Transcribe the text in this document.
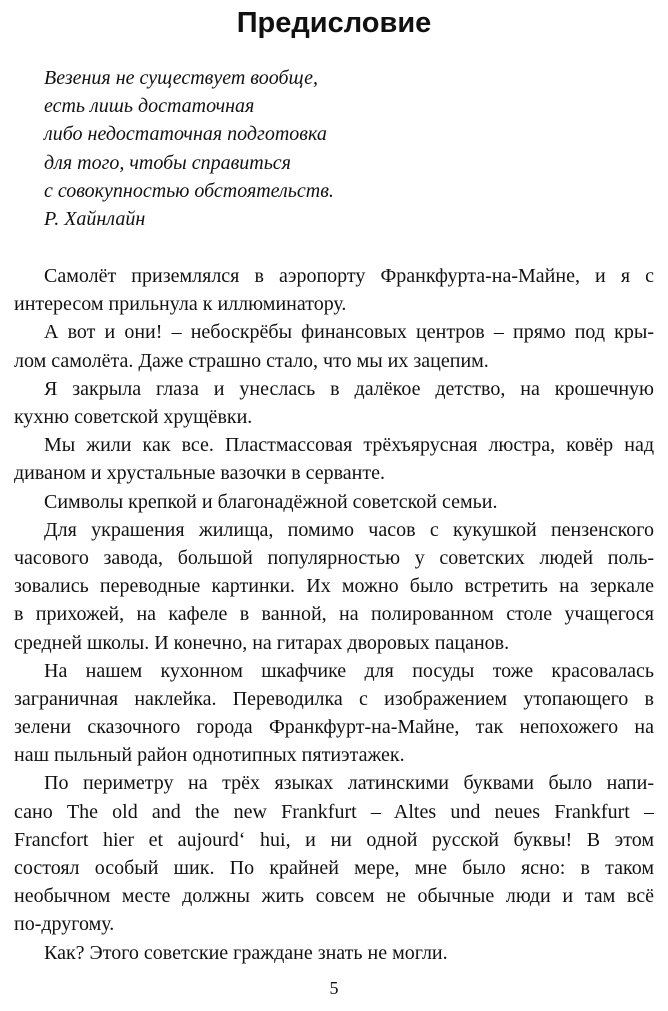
Предисловие
Везения не существует вообще,
есть лишь достаточная
либо недостаточная подготовка
для того, чтобы справиться
с совокупностью обстоятельств.
Р. Хайнлайн
Самолёт приземлялся в аэропорту Франкфурта-на-Майне, и я с
интересом прильнула к иллюминатору.
А вот и они! – небоскрёбы финансовых центров – прямо под кры-
лом самолёта. Даже страшно стало, что мы их зацепим.
Я закрыла глаза и унеслась в далёкое детство, на крошечную
кухню советской хрущёвки.
Мы жили как все. Пластмассовая трёхъярусная люстра, ковёр над
диваном и хрустальные вазочки в серванте.
Символы крепкой и благонадёжной советской семьи.
Для украшения жилища, помимо часов с кукушкой пензенского
часового завода, большой популярностью у советских людей поль-
зовались переводные картинки. Их можно было встретить на зеркале
в прихожей, на кафеле в ванной, на полированном столе учащегося
средней школы. И конечно, на гитарах дворовых пацанов.
На нашем кухонном шкафчике для посуды тоже красовалась
заграничная наклейка. Переводилка с изображением утопающего в
зелени сказочного города Франкфурт-на-Майне, так непохожего на
наш пыльный район однотипных пятиэтажек.
По периметру на трёх языках латинскими буквами было напи-
сано The old and the new Frankfurt – Altes und neues Frankfurt –
Francfort hier et aujourd‘ hui, и ни одной русской буквы! В этом
состоял особый шик. По крайней мере, мне было ясно: в таком
необычном месте должны жить совсем не обычные люди и там всё
по-другому.
Как? Этого советские граждане знать не могли.
5
